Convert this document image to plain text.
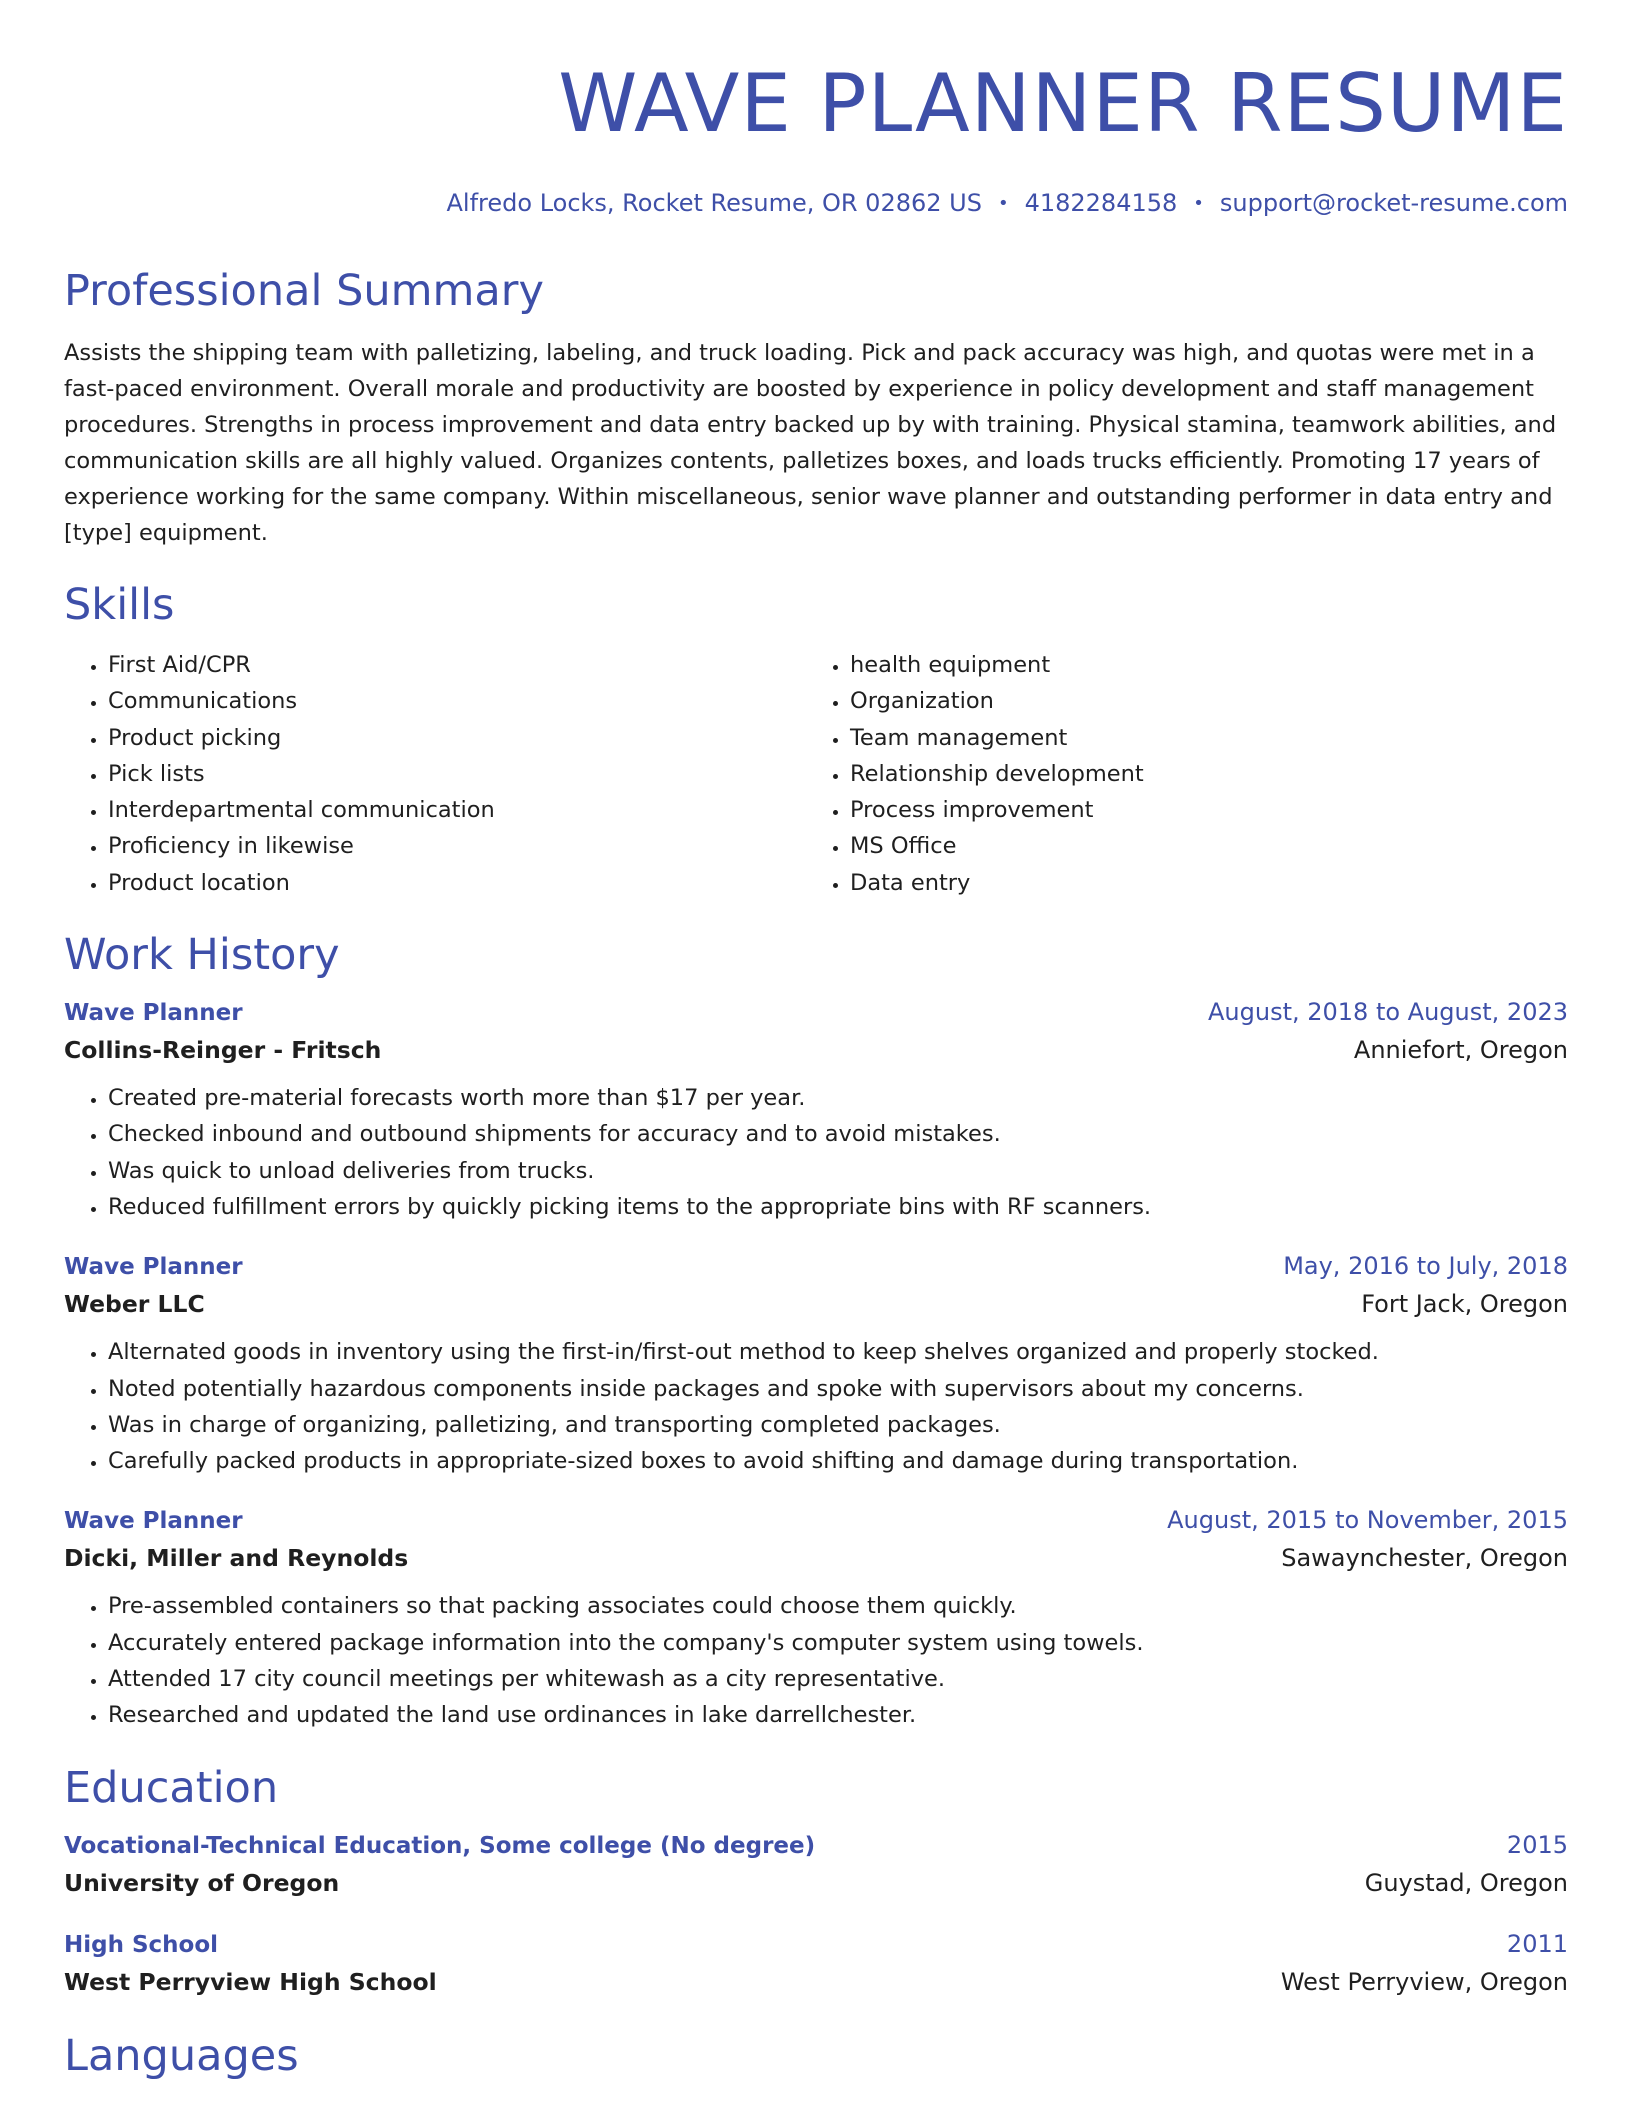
WAVE PLANNER RESUME
Alfredo Locks, Rocket Resume, OR 02862 US • 4182284158 • support@rocket-resume.com
Professional Summary

Assists the shipping team with palletizing, labeling, and truck loading. Pick and pack accuracy was high, and quotas were met in a fast-paced environment. Overall morale and productivity are boosted by experience in policy development and staff management procedures. Strengths in process improvement and data entry backed up by with training. Physical stamina, teamwork abilities, and communication skills are all highly valued. Organizes contents, palletizes boxes, and loads trucks efficiently. Promoting 17 years of experience working for the same company. Within miscellaneous, senior wave planner and outstanding performer in data entry and [type] equipment.

Skills
• First Aid/CPR
• Communications
• Product picking
• Pick lists
• Interdepartmental communication
• Proficiency in likewise
• Product location
• health equipment
• Organization
• Team management
• Relationship development
• Process improvement
• MS Office
• Data entry
Work History
Wave Planner	August, 2018 to August, 2023
Collins-Reinger - Fritsch	Anniefort, Oregon
• Created pre-material forecasts worth more than $17 per year.
• Checked inbound and outbound shipments for accuracy and to avoid mistakes.
• Was quick to unload deliveries from trucks.
• Reduced fulfillment errors by quickly picking items to the appropriate bins with RF scanners.
Wave Planner	May, 2016 to July, 2018
Weber LLC	Fort Jack, Oregon
• Alternated goods in inventory using the first-in/first-out method to keep shelves organized and properly stocked.
• Noted potentially hazardous components inside packages and spoke with supervisors about my concerns.
• Was in charge of organizing, palletizing, and transporting completed packages.
• Carefully packed products in appropriate-sized boxes to avoid shifting and damage during transportation.
Wave Planner	August, 2015 to November, 2015
Dicki, Miller and Reynolds	Sawaynchester, Oregon
• Pre-assembled containers so that packing associates could choose them quickly.
• Accurately entered package information into the company's computer system using towels.
• Attended 17 city council meetings per whitewash as a city representative.
• Researched and updated the land use ordinances in lake darrellchester.
Education
Vocational-Technical Education, Some college (No degree)	2015
University of Oregon	Guystad, Oregon
High School	2011
West Perryview High School	West Perryview, Oregon
Languages
